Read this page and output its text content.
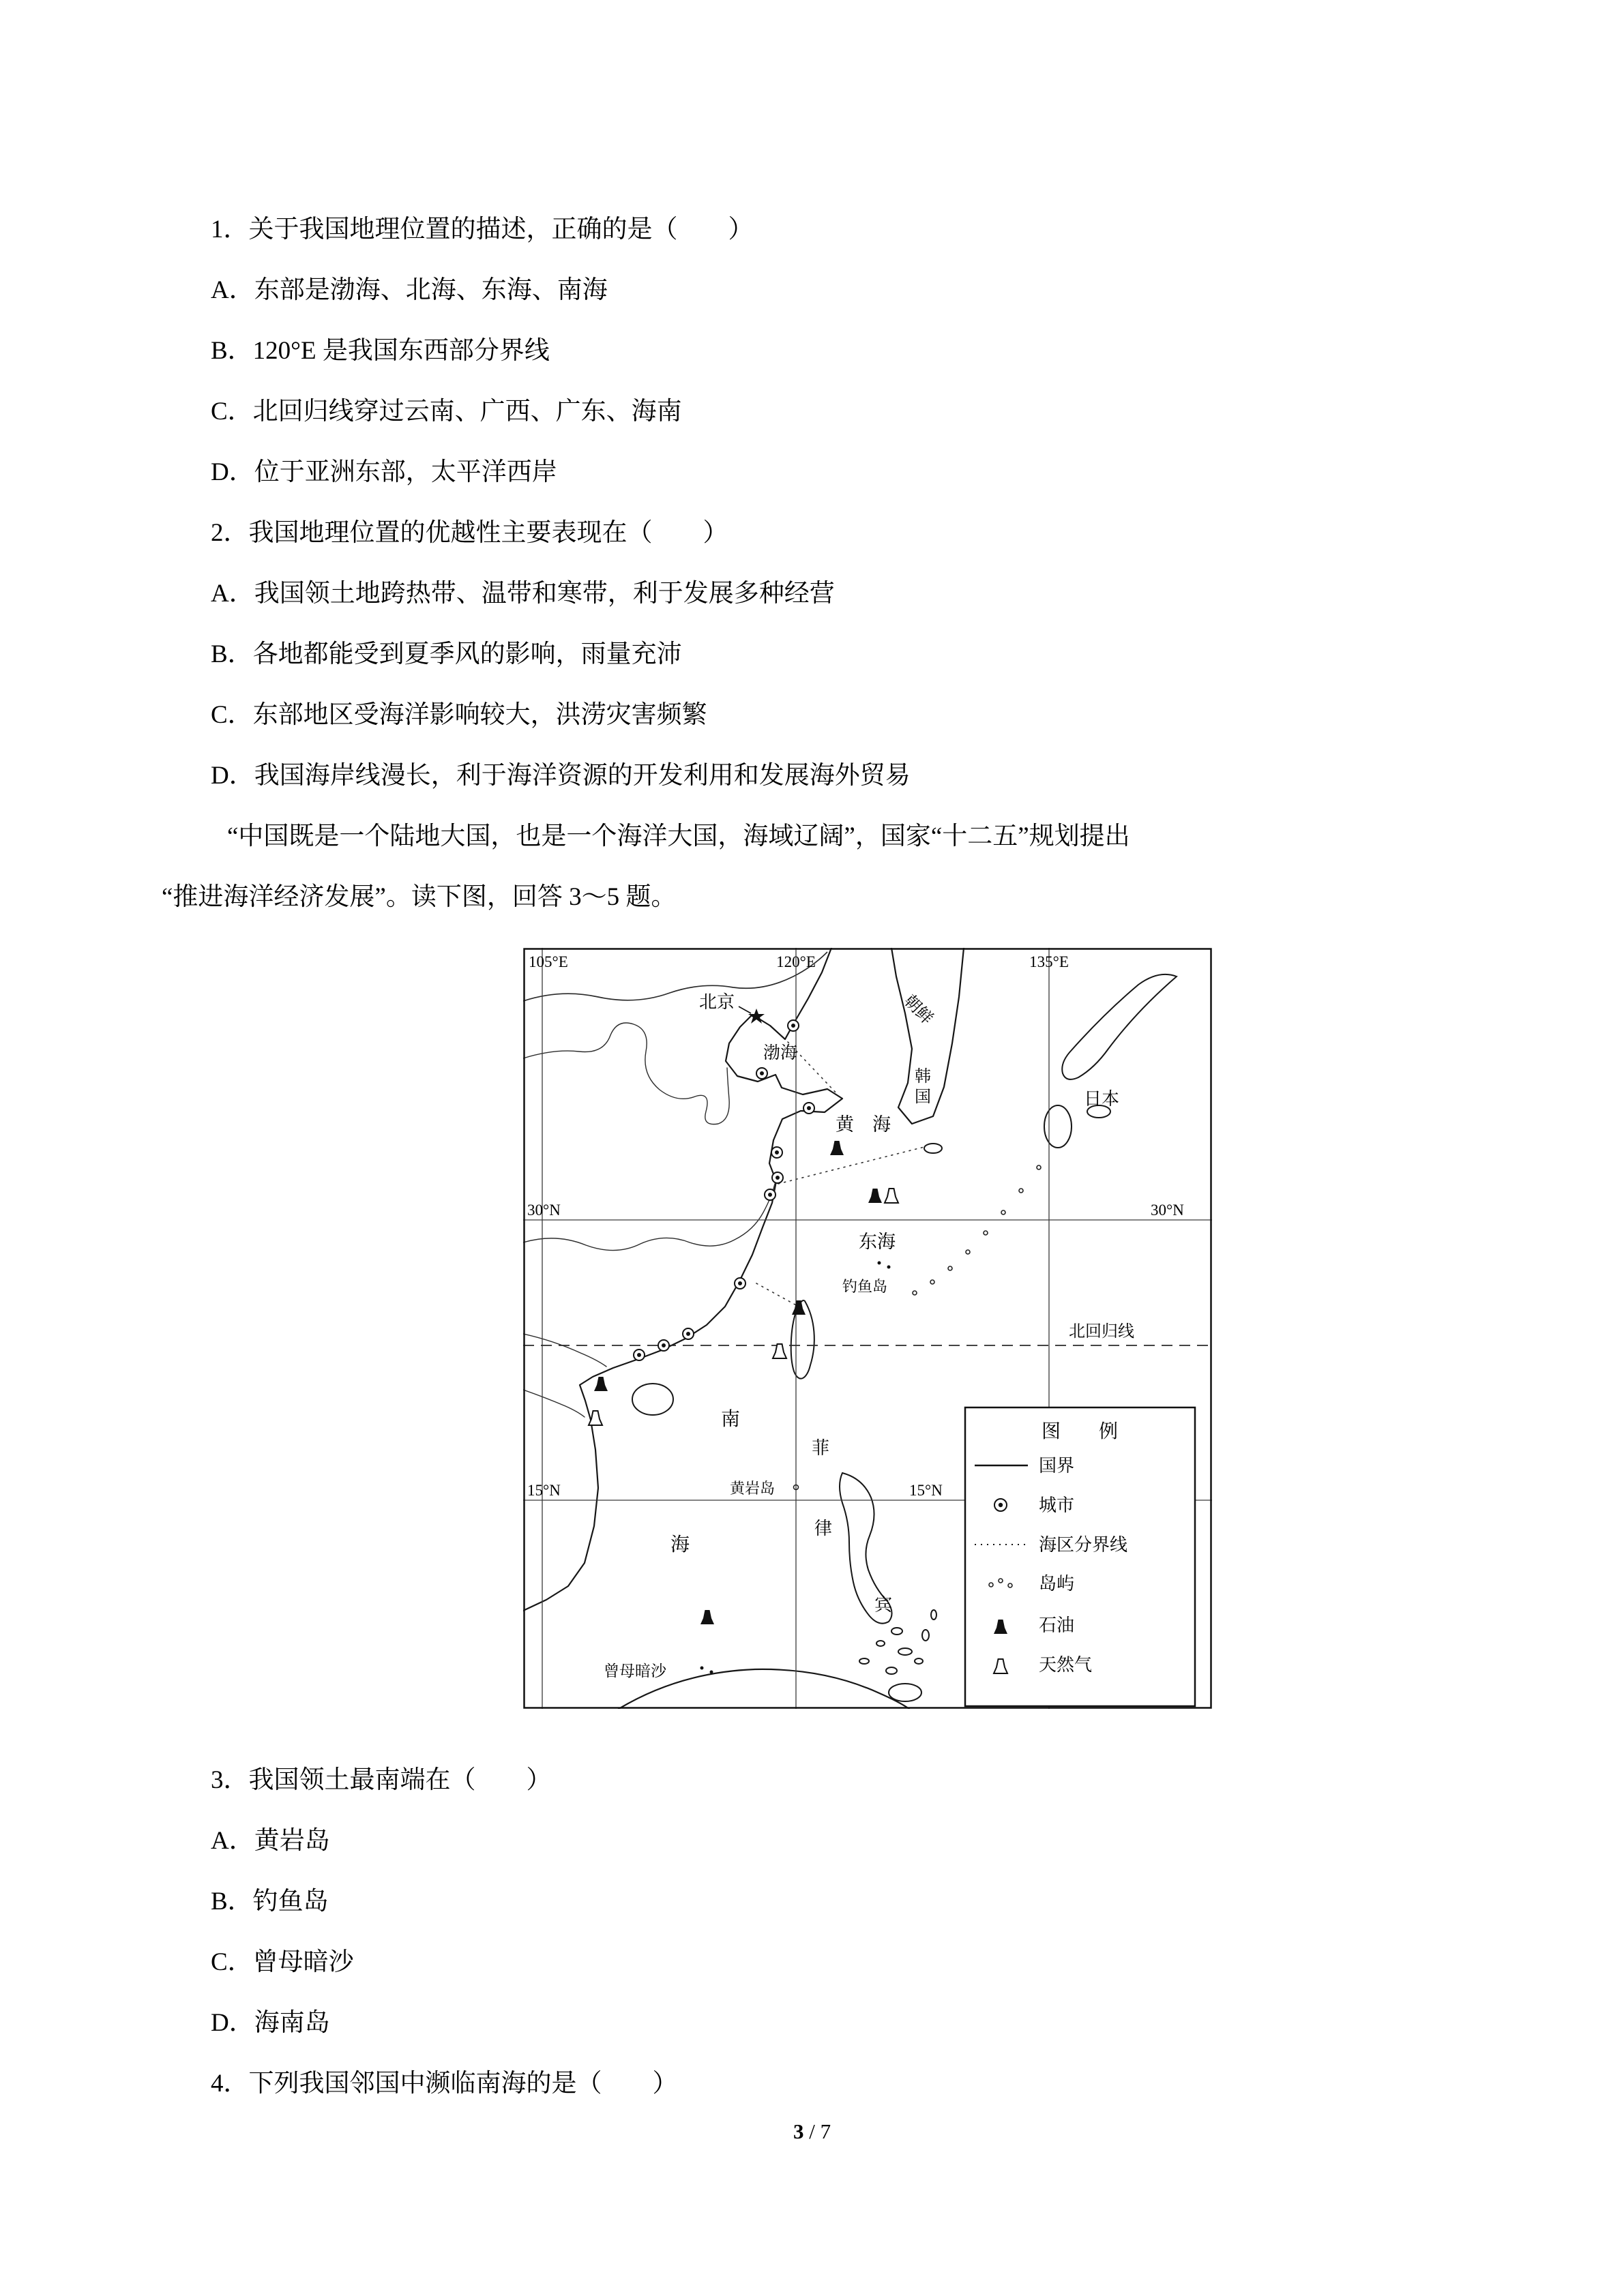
1．关于我国地理位置的描述，正确的是（　　）
A．东部是渤海、北海、东海、南海
B．120°E 是我国东西部分界线
C．北回归线穿过云南、广西、广东、海南
D．位于亚洲东部，太平洋西岸
2．我国地理位置的优越性主要表现在（　　）
A．我国领土地跨热带、温带和寒带，利于发展多种经营
B．各地都能受到夏季风的影响，雨量充沛
C．东部地区受海洋影响较大，洪涝灾害频繁
D．我国海岸线漫长，利于海洋资源的开发利用和发展海外贸易
“中国既是一个陆地大国，也是一个海洋大国，海域辽阔”，国家“十二五”规划提出
“推进海洋经济发展”。读下图，回答 3～5 题。
105°E	120°E	135°E
30°N	30°N
15°N	15°N
北京
渤海
朝鲜
韩
国	日本
黄　海
东海
钓鱼岛
北回归线
南
海
黄岩岛
菲
律
宾
曾母暗沙
图　　例
国界
城市
海区分界线
岛屿
石油
天然气
3．我国领土最南端在（　　）
A．黄岩岛
B．钓鱼岛
C．曾母暗沙
D．海南岛
4．下列我国邻国中濒临南海的是（　　）
3 / 7
